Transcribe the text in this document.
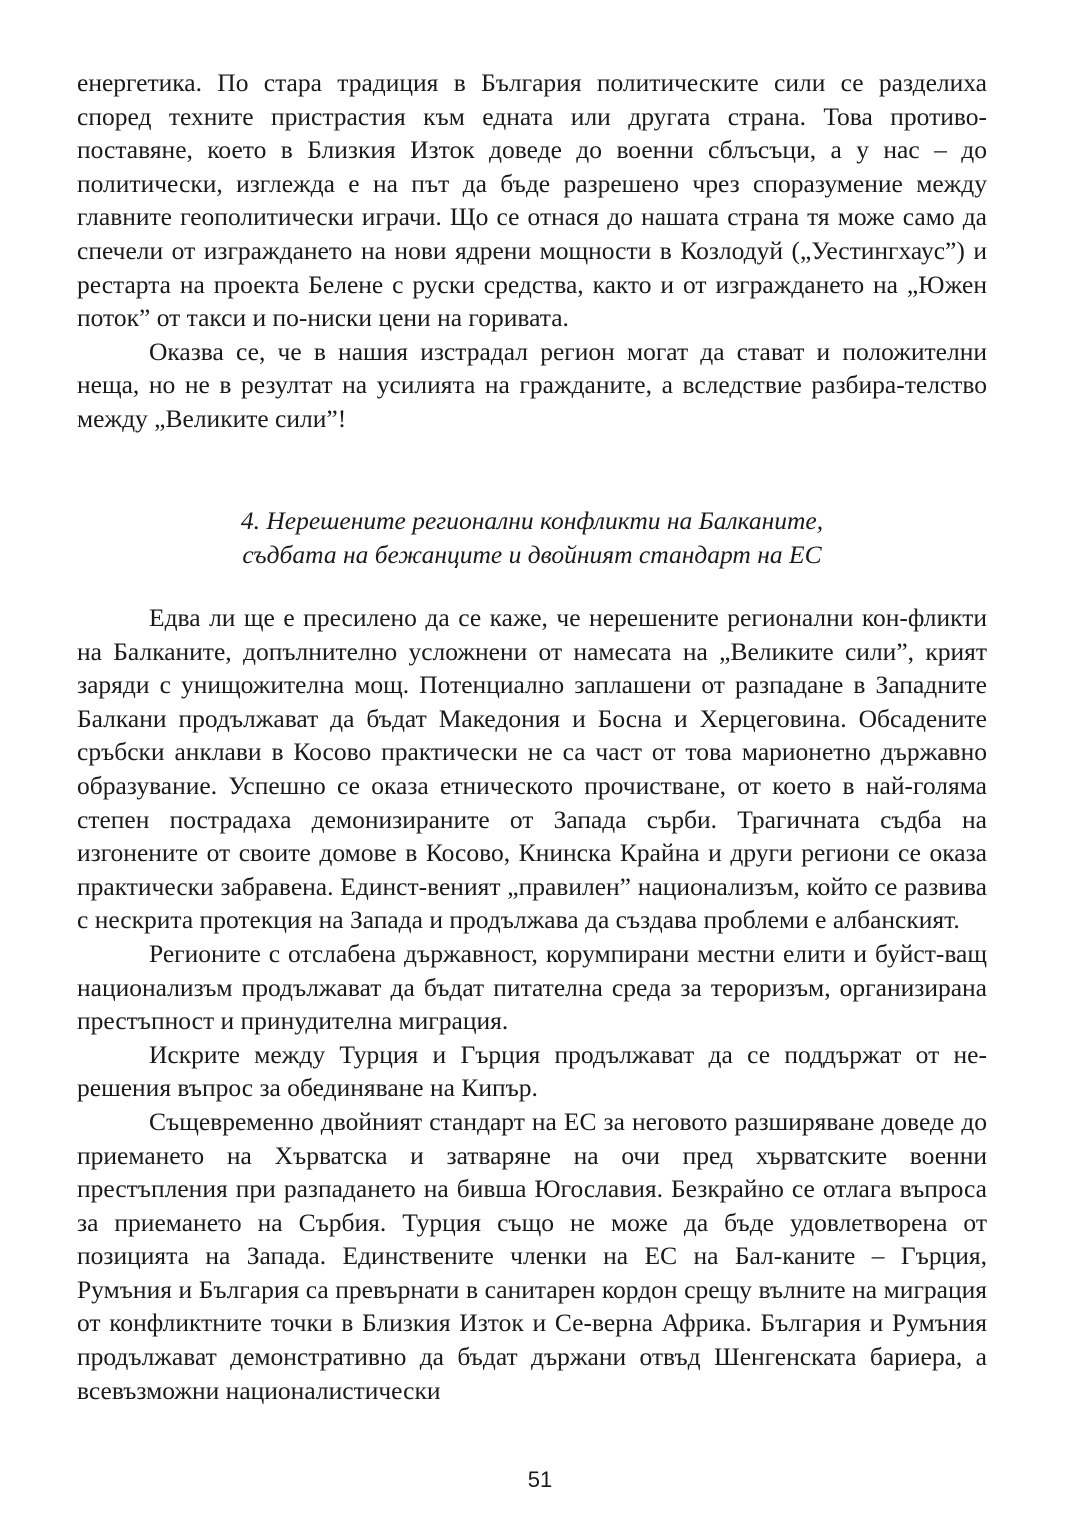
енергетика. По стара традиция в България политическите сили се разделиха според техните пристрастия към едната или другата страна. Това противо-поставяне, което в Близкия Изток доведе до военни сблъсъци, а у нас – до политически, изглежда е на път да бъде разрешено чрез споразумение между главните геополитически играчи. Що се отнася до нашата страна тя може само да спечели от изграждането на нови ядрени мощности в Козлодуй („Уестингхаус”) и рестарта на проекта Белене с руски средства, както и от изграждането на „Южен поток” от такси и по-ниски цени на горивата.

Оказва се, че в нашия изстрадал регион могат да стават и положителни неща, но не в резултат на усилията на гражданите, а вследствие разбира-телство между „Великите сили”!

4. Нерешените регионални конфликти на Балканите,
съдбата на бежанците и двойният стандарт на ЕС

Едва ли ще е пресилено да се каже, че нерешените регионални кон-фликти на Балканите, допълнително усложнени от намесата на „Великите сили”, крият заряди с унищожителна мощ. Потенциално заплашени от разпадане в Западните Балкани продължават да бъдат Македония и Босна и Херцеговина. Обсадените сръбски анклави в Косово практически не са част от това марионетно държавно образувание. Успешно се оказа етническото прочистване, от което в най-голяма степен пострадаха демонизираните от Запада сърби. Трагичната съдба на изгонените от своите домове в Косово, Книнска Крайна и други региони се оказа практически забравена. Единст-веният „правилен” национализъм, който се развива с нескрита протекция на Запада и продължава да създава проблеми е албанският.

Регионите с отслабена държавност, корумпирани местни елити и буйст-ващ национализъм продължават да бъдат питателна среда за тероризъм, организирана престъпност и принудителна миграция.

Искрите между Турция и Гърция продължават да се поддържат от не-решения въпрос за обединяване на Кипър.

Същевременно двойният стандарт на ЕС за неговото разширяване доведе до приемането на Хърватска и затваряне на очи пред хърватските военни престъпления при разпадането на бивша Югославия. Безкрайно се отлага въпроса за приемането на Сърбия. Турция също не може да бъде удовлетворена от позицията на Запада. Единствените членки на ЕС на Бал-каните – Гърция, Румъния и България са превърнати в санитарен кордон срещу вълните на миграция от конфликтните точки в Близкия Изток и Се-верна Африка. България и Румъния продължават демонстративно да бъдат държани отвъд Шенгенската бариера, а всевъзможни националистически

51
